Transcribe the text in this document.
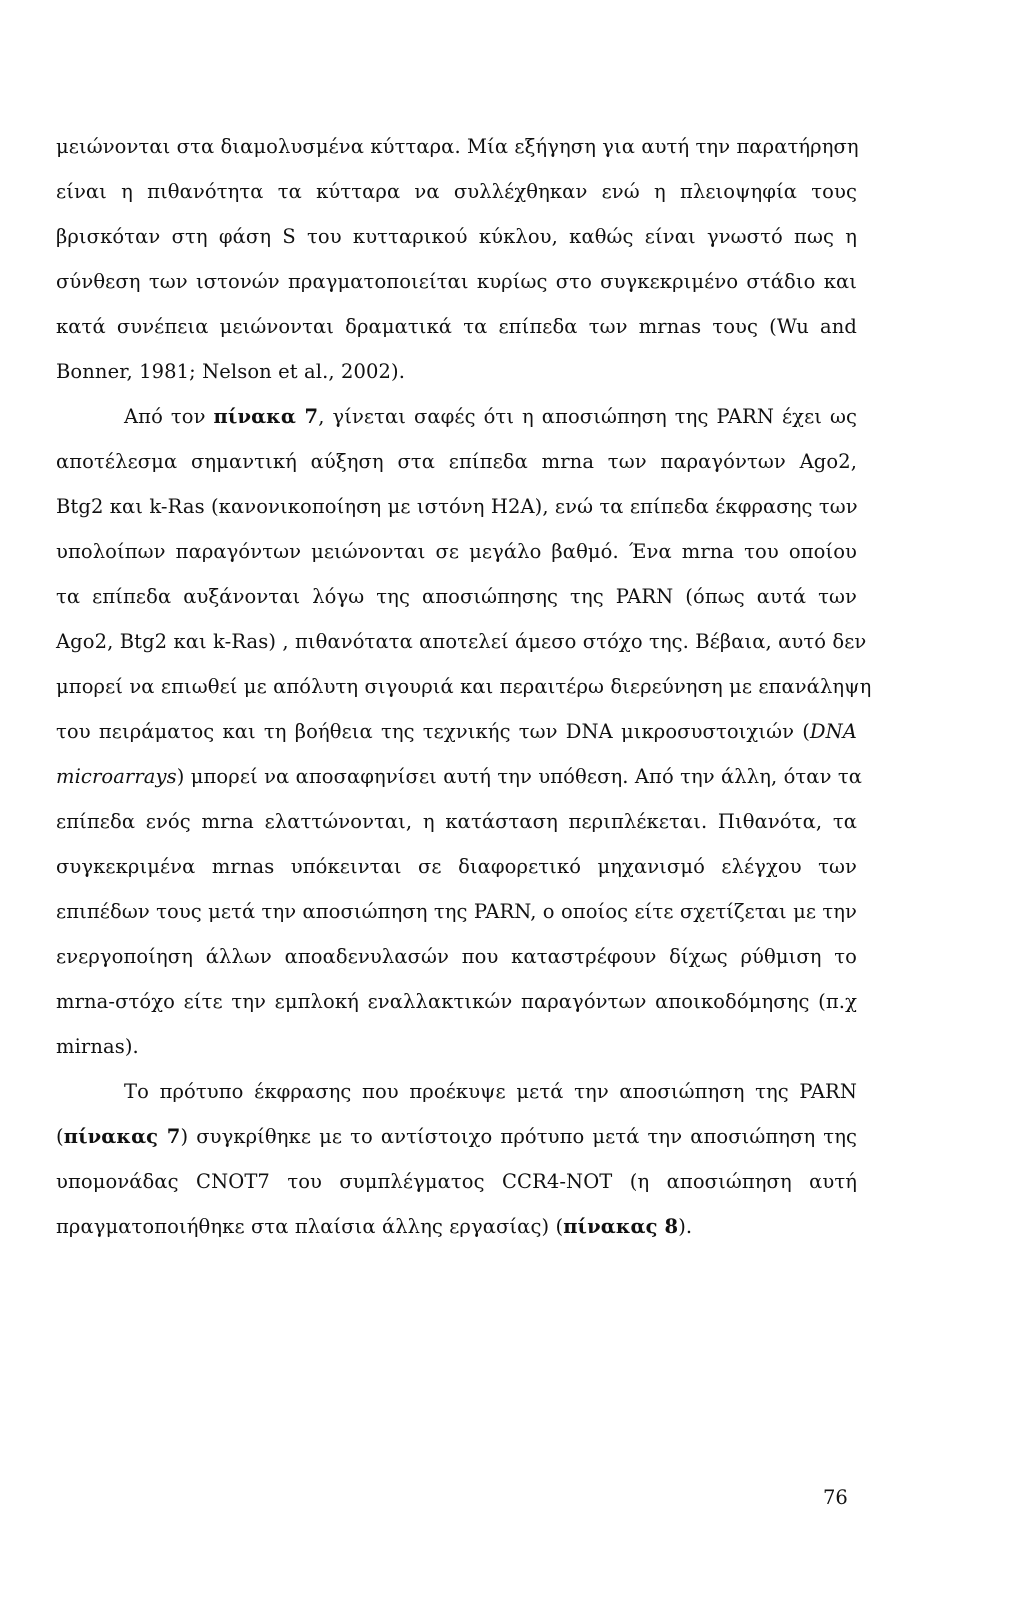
μειώνονται στα διαμολυσμένα κύτταρα. Μία εξήγηση για αυτή την παρατήρηση
είναι η πιθανότητα τα κύτταρα να συλλέχθηκαν ενώ η πλειοψηφία τους
βρισκόταν στη φάση S του κυτταρικού κύκλου, καθώς είναι γνωστό πως η
σύνθεση των ιστονών πραγματοποιείται κυρίως στο συγκεκριμένο στάδιο και
κατά συνέπεια μειώνονται δραματικά τα επίπεδα των mrnas τους (Wu and
Bonner, 1981; Nelson et al., 2002).
Από τον πίνακα 7, γίνεται σαφές ότι η αποσιώπηση της PARN έχει ως
αποτέλεσμα σημαντική αύξηση στα επίπεδα mrna των παραγόντων Ago2,
Btg2 και k-Ras (κανονικοποίηση με ιστόνη H2A), ενώ τα επίπεδα έκφρασης των
υπολοίπων παραγόντων μειώνονται σε μεγάλο βαθμό. Ένα mrna του οποίου
τα επίπεδα αυξάνονται λόγω της αποσιώπησης της PARN (όπως αυτά των
Ago2, Btg2 και k-Ras) , πιθανότατα αποτελεί άμεσο στόχο της. Βέβαια, αυτό δεν
μπορεί να επιωθεί με απόλυτη σιγουριά και περαιτέρω διερεύνηση με επανάληψη
του πειράματος και τη βοήθεια της τεχνικής των DNA μικροσυστοιχιών (DNA
microarrays) μπορεί να αποσαφηνίσει αυτή την υπόθεση. Από την άλλη, όταν τα
επίπεδα ενός mrna ελαττώνονται, η κατάσταση περιπλέκεται. Πιθανότα, τα
συγκεκριμένα mrnas υπόκεινται σε διαφορετικό μηχανισμό ελέγχου των
επιπέδων τους μετά την αποσιώπηση της PARN, ο οποίος είτε σχετίζεται με την
ενεργοποίηση άλλων αποαδενυλασών που καταστρέφουν δίχως ρύθμιση το
mrna-στόχο είτε την εμπλοκή εναλλακτικών παραγόντων αποικοδόμησης (π.χ
mirnas).
Το πρότυπο έκφρασης που προέκυψε μετά την αποσιώπηση της PARN
(πίνακας 7) συγκρίθηκε με το αντίστοιχο πρότυπο μετά την αποσιώπηση της
υπομονάδας CNOT7 του συμπλέγματος CCR4-NOT (η αποσιώπηση αυτή
πραγματοποιήθηκε στα πλαίσια άλλης εργασίας) (πίνακας 8).
76
